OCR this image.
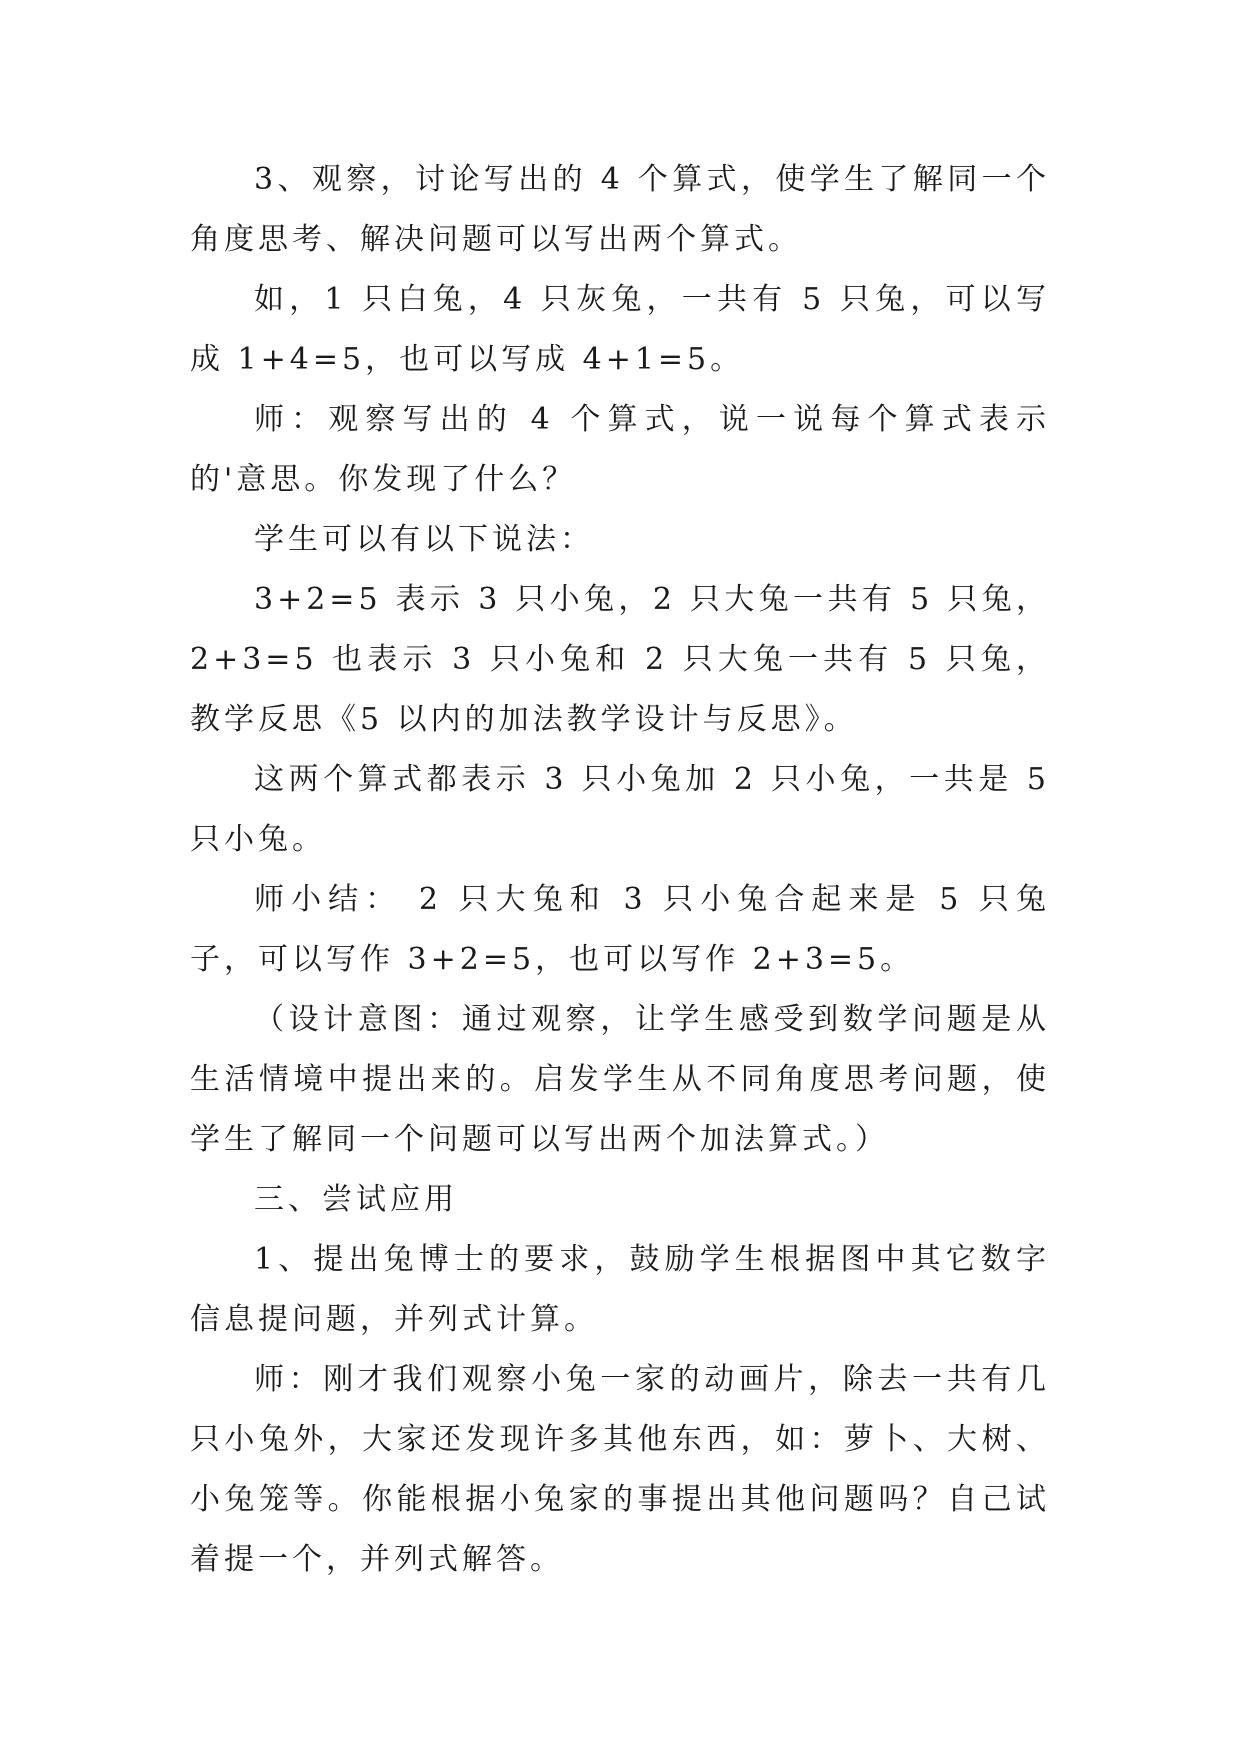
3、观察，讨论写出的 4 个算式，使学生了解同一个角度思考、解决问题可以写出两个算式。

如，1 只白兔，4 只灰兔，一共有 5 只兔，可以写成 1+4=5，也可以写成 4+1=5。

师：观察写出的 4 个算式，说一说每个算式表示的'意思。你发现了什么？

学生可以有以下说法：

3+2=5 表示 3 只小兔，2 只大兔一共有 5 只兔，2+3=5 也表示 3 只小兔和 2 只大兔一共有 5 只兔，教学反思《5 以内的加法教学设计与反思》。

这两个算式都表示 3 只小兔加 2 只小兔，一共是 5 只小兔。

师小结： 2 只大兔和 3 只小兔合起来是 5 只兔子，可以写作 3+2=5，也可以写作 2+3=5。

（设计意图：通过观察，让学生感受到数学问题是从生活情境中提出来的。启发学生从不同角度思考问题，使学生了解同一个问题可以写出两个加法算式。）

三、尝试应用

1、提出兔博士的要求，鼓励学生根据图中其它数字信息提问题，并列式计算。

师：刚才我们观察小兔一家的动画片，除去一共有几只小兔外，大家还发现许多其他东西，如：萝卜、大树、小兔笼等。你能根据小兔家的事提出其他问题吗？自己试着提一个，并列式解答。
